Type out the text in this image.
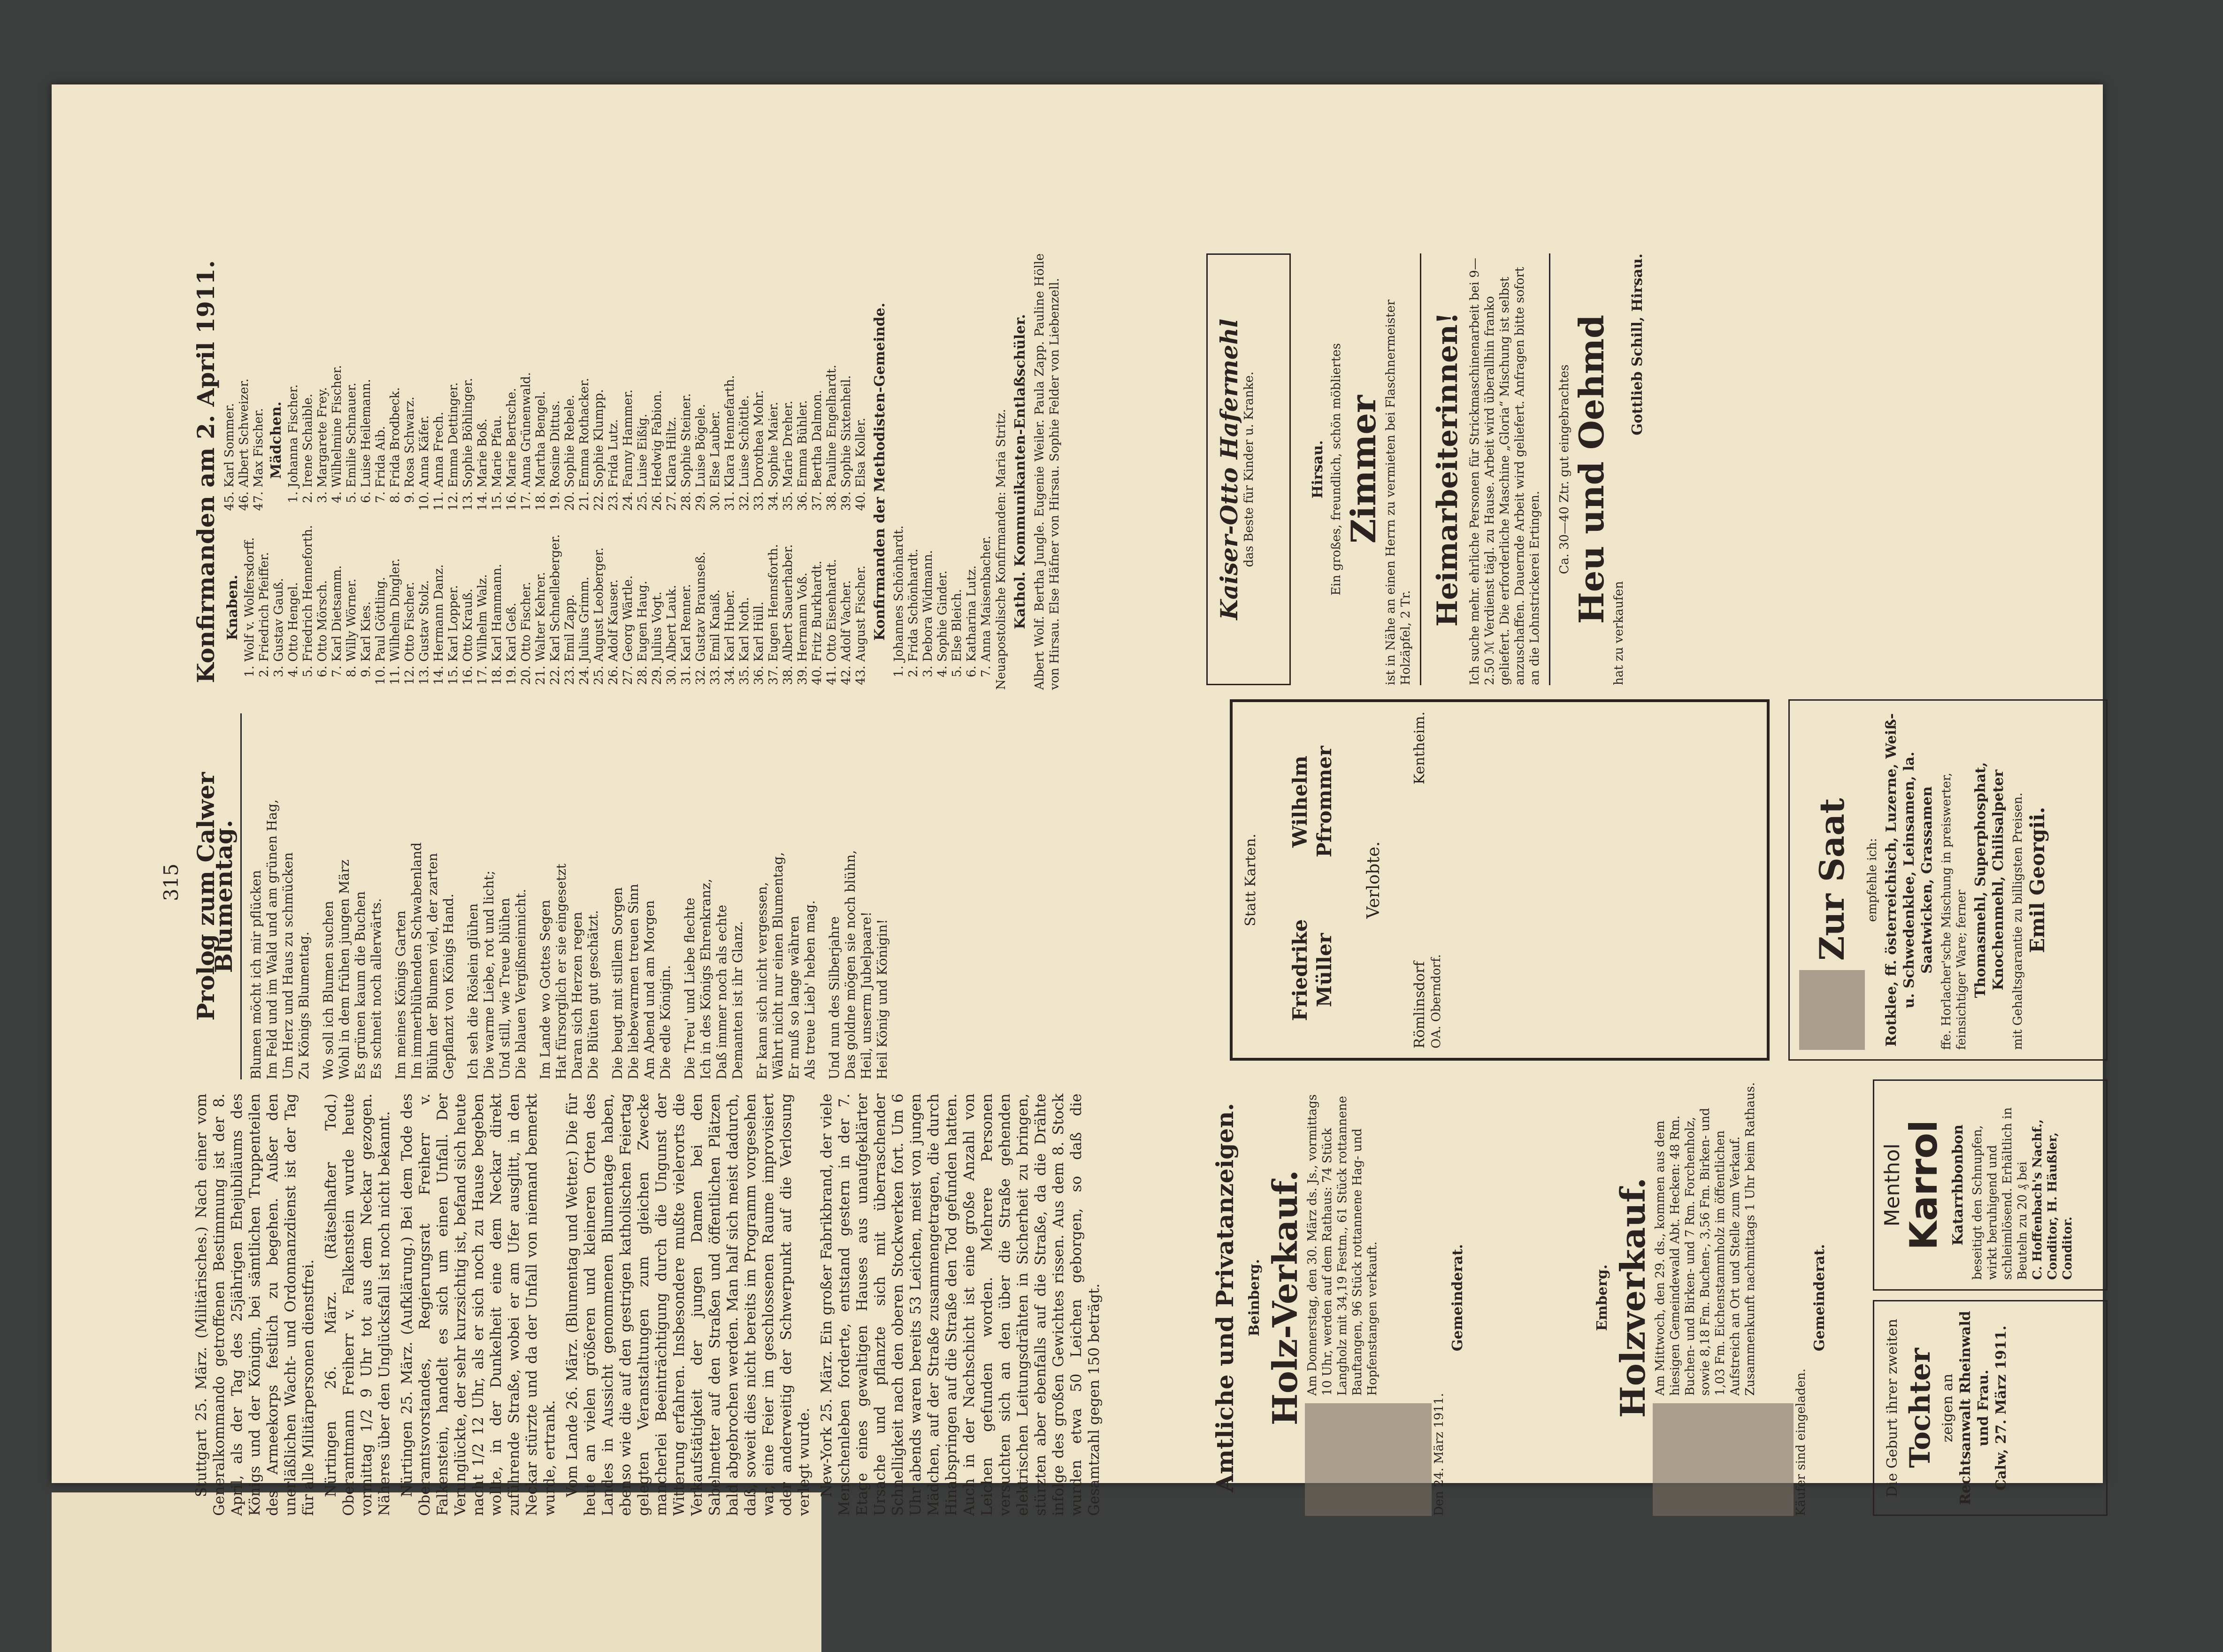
315

Stuttgart 25. März. (Militärisches.) Nach einer vom Generalkommando getroffenen Bestimmung ist der 8. April, als der Tag des 25jährigen Ehejubiläums des Königs und der Königin, bei sämtlichen Truppenteilen des Armeekorps festlich zu begehen. Außer den unerläßlichen Wacht- und Ordonnanzdienst ist der Tag für alle Militärpersonen dienstfrei. Nürtingen 26. März. (Rätselhafter Tod.) Oberamtmann Freiherr v. Falkenstein wurde heute vormittag 1/2 9 Uhr tot aus dem Neckar gezogen. Näheres über den Unglücksfall ist noch nicht bekannt. Nürtingen 25. März. (Aufklärung.) Bei dem Tode des Oberamtsvorstandes, Regierungsrat Freiherr v. Falkenstein, handelt es sich um einen Unfall. Der Verunglückte, der sehr kurzsichtig ist, befand sich heute nacht 1/2 12 Uhr, als er sich noch zu Hause begeben wollte, in der Dunkelheit eine dem Neckar direkt zuführende Straße, wobei er am Ufer ausglitt, in den Neckar stürzte und da der Unfall von niemand bemerkt wurde, ertrank. Vom Lande 26. März. (Blumentag und Wetter.) Die für heute an vielen größeren und kleineren Orten des Landes in Aussicht genommenen Blumentage haben, ebenso wie die auf den gestrigen katholischen Feiertag gelegten Veranstaltungen zum gleichen Zwecke mancherlei Beeinträchtigung durch die Ungunst der Witterung erfahren. Insbesondere mußte vielerorts die Verkaufstätigkeit der jungen Damen bei den Sabelmetter auf den Straßen und öffentlichen Plätzen bald abgebrochen werden. Man half sich meist dadurch, daß, soweit dies nicht bereits im Programm vorgesehen war, eine Feier im geschlossenen Raume improvisiert oder anderweitig der Schwerpunkt auf die Verlosung verlegt wurde. New-York 25. März. Ein großer Fabrikbrand, der viele Menschenleben forderte, entstand gestern in der 7. Etage eines gewaltigen Hauses aus unaufgeklärter Ursache und pflanzte sich mit überraschender Schnelligkeit nach den oberen Stockwerken fort. Um 6 Uhr abends waren bereits 53 Leichen, meist von jungen Mädchen, auf der Straße zusammengetragen, die durch Hinabspringen auf die Straße den Tod gefunden hatten. Auch in der Nachschicht ist eine große Anzahl von Leichen gefunden worden. Mehrere Personen versuchten sich an den über die Straße gehenden elektrischen Leitungsdrähten in Sicherheit zu bringen, stürzten aber ebenfalls auf die Straße, da die Drähte infolge des großen Gewichtes rissen. Aus dem 8. Stock wurden etwa 50 Leichen geborgen, so daß die Gesamtzahl gegen 150 beträgt.

Prolog zum Calwer Blumentag.
Blumen möcht ich mir pflücken
Im Feld und im Wald und am grünen Hag,
Um Herz und Haus zu schmücken
Zu Königs Blumentag.
Wo soll ich Blumen suchen
Wohl in dem frühen jungen März
Es grünen kaum die Buchen
Es schneit noch allerwärts.
Im meines Königs Garten
Im immerblühenden Schwabenland
Blühn der Blumen viel, der zarten
Gepflanzt von Königs Hand.
Ich seh die Röslein glühen
Die warme Liebe, rot und licht;
Und still, wie Treue blühen
Die blauen Vergißmeinnicht.
Im Lande wo Gottes Segen
Hat fürsorglich er sie eingesetzt
Daran sich Herzen regen
Die Blüten gut geschätzt.
Die beugt mit stillem Sorgen
Die liebewarmen treuen Sinn
Am Abend und am Morgen
Die edle Königin.
Die Treu' und Liebe flechte
Ich in des Königs Ehrenkranz,
Daß immer noch als echte
Demanten ist ihr Glanz.
Er kann sich nicht vergessen,
Währt nicht nur einen Blumentag,
Er muß so lange währen
Als treue Lieb' heben mag.
Und nun des Silberjahre
Das goldne mögen sie noch blühn,
Heil, unserm Jubelpaare!
Heil König und Königin!
Konfirmanden am 2. April 1911. Knaben. 1. Wolf v. Wolfersdorff. 2. Friedrich Pfeiffer. 3. Gustav Gauß. 4. Otto Hengel. 5. Friedrich Henneforth. 6. Otto Mörsch. 7. Karl Dietsamm. 8. Willy Wörner. 9. Karl Kies. 10. Paul Göttling. 11. Wilhelm Dingler. 12. Otto Fischer. 13. Gustav Stolz. 14. Hermann Danz. 15. Karl Lopper. 16. Otto Krauß. 17. Wilhelm Walz. 18. Karl Hammann. 19. Karl Geß. 20. Otto Fischer. 21. Walter Kehrer. 22. Karl Schnelleberger. 23. Emil Zapp. 24. Julius Grimm. 25. August Leoberger. 26. Adolf Kauser. 27. Georg Wärtle. 28. Eugen Haug. 29. Julius Vogt. 30. Albert Lauk. 31. Karl Renner. 32. Gustav Braunseß. 33. Emil Knaiß. 34. Karl Huber. 35. Karl Noth. 36. Karl Hüll. 37. Eugen Hennsforth. 38. Albert Sauerhaber. 39. Hermann Voß. 40. Fritz Burkhardt. 41. Otto Eisenhardt. 42. Adolf Vacher. 43. August Fischer.
45. Karl Sommer. 46. Albert Schweizer. 47. Max Fischer. Mädchen. 1. Johanna Fischer. 2. Irene Schaible. 3. Margarete Frey. 4. Wilhelmine Fischer. 5. Emilie Schnauer. 6. Luise Heilemann. 7. Frida Aib. 8. Frida Brodbeck. 9. Rosa Schwarz. 10. Anna Käfer. 11. Anna Frech. 12. Emma Dettinger. 13. Sophie Böhlinger. 14. Marie Boß. 15. Marie Pfau. 16. Marie Bertsche. 17. Anna Grünenwald. 18. Martha Bengel. 19. Rosine Dittus. 20. Sophie Rebele. 21. Emma Rothacker. 22. Sophie Klumpp. 23. Frida Lutz. 24. Fanny Hammer. 25. Luise Eißig. 26. Hedwig Fabion. 27. Klara Hiltz. 28. Sophie Steiner. 29. Luise Bögele. 30. Else Lauber. 31. Klara Hennefarth. 32. Luise Schöttle. 33. Dorothea Mohr. 34. Sophie Maier. 35. Marie Dreher. 36. Emma Bühler. 37. Bertha Dalmon. 38. Pauline Engelhardt. 39. Sophie Sixtenheil. 40. Elsa Koller. Konfirmanden der Methodisten-Gemeinde. 1. Johannes Schönhardt. 2. Frida Schönhardt. 3. Debora Widmann. 4. Sophie Ginder. 5. Else Bleich. 6. Katharina Lutz. 7. Anna Maisenbacher. Neuapostolische Konfirmanden: Maria Stritz. Kathol. Kommunikanten-Entlaßschüler. Albert Wolf. Bertha Jungle. Eugenie Weiler. Paula Zapp. Pauline Hölle von Hirsau. Else Häfner von Hirsau. Sophie Felder von Liebenzell.
Amtliche und Privatanzeigen. Beinberg. Holz-Verkauf. Am Donnerstag, den 30. März ds. Js., vormittags 10 Uhr, werden auf dem Rathaus: 74 Stück Langholz mit 34,19 Festm., 61 Stück rottannene Bauftangen, 96 Stück rottannene Hag- und Hopfenstangen verkauft.
Den 24. März 1911.
Gemeinderat.	Emberg. Holzverkauf. Am Mittwoch, den 29. ds., kommen aus dem hiesigen Gemeindewald Abt. Hecken: 48 Rm. Buchen- und Birken- und 7 Rm. Forchenholz, sowie 8,18 Fm. Buchen-, 3,56 Fm. Birken- und 1,03 Fm. Eichenstammholz im öffentlichen Aufstreich an Ort und Stelle zum Verkauf. Zusammenkunft nachmittags 1 Uhr beim Rathaus.
Käufer sind eingeladen.
Gemeinderat.
Die Geburt ihrer zweiten Tochter zeigen an Rechtsanwalt Rheinwald und Frau. Calw, 27. März 1911.
Menthol
Karrol Katarrhbonbon beseitigt den Schnupfen, wirkt beruhigend und schleimlösend. Erhältlich in Beuteln zu 20 ₰ bei C. Hoffenbach's Nachf., Conditor, H. Häußler, Conditor.
Statt Karten.
Friedrike Müller
Wilhelm Pfrommer
Verlobte.
Römlinsdorf OA. Oberndorf.
Kentheim.
Zur Saat empfehle ich: Rotklee, ff. österreichisch, Luzerne, Weiß- u. Schwedenklee, Leinsamen, la. Saatwicken, Grassamen ffe. Horlacher'sche Mischung in preiswerter, feinsichtiger Ware; ferner Thomasmehl, Superphosphat, Knochenmehl, Chilisalpeter mit Gehaltsgarantie zu billigsten Preisen. Emil Georgii.
Kaiser-Otto Hafermehl
das Beste für Kinder u. Kranke.	Hirsau. Ein großes, freundlich, schön möbliertes Zimmer ist in Nähe an einen Herrn zu vermieten bei Flaschnermeister Holzäpfel, 2 Tr.
Heimarbeiterinnen! Ich suche mehr. ehrliche Personen für Strickmaschinenarbeit bei 9—2.50 ℳ Verdienst tägl. zu Hause. Arbeit wird überallhin franko geliefert. Die erforderliche Maschine „Gloria“ Mischung ist selbst anzuschaffen. Dauernde Arbeit wird geliefert. Anfragen bitte sofort an die Lohnstrickerei Ertingen.
Ca. 30—40 Ztr. gut eingebrachtes Heu und Oehmd
hat zu verkaufen
Gottlieb Schill, Hirsau.
